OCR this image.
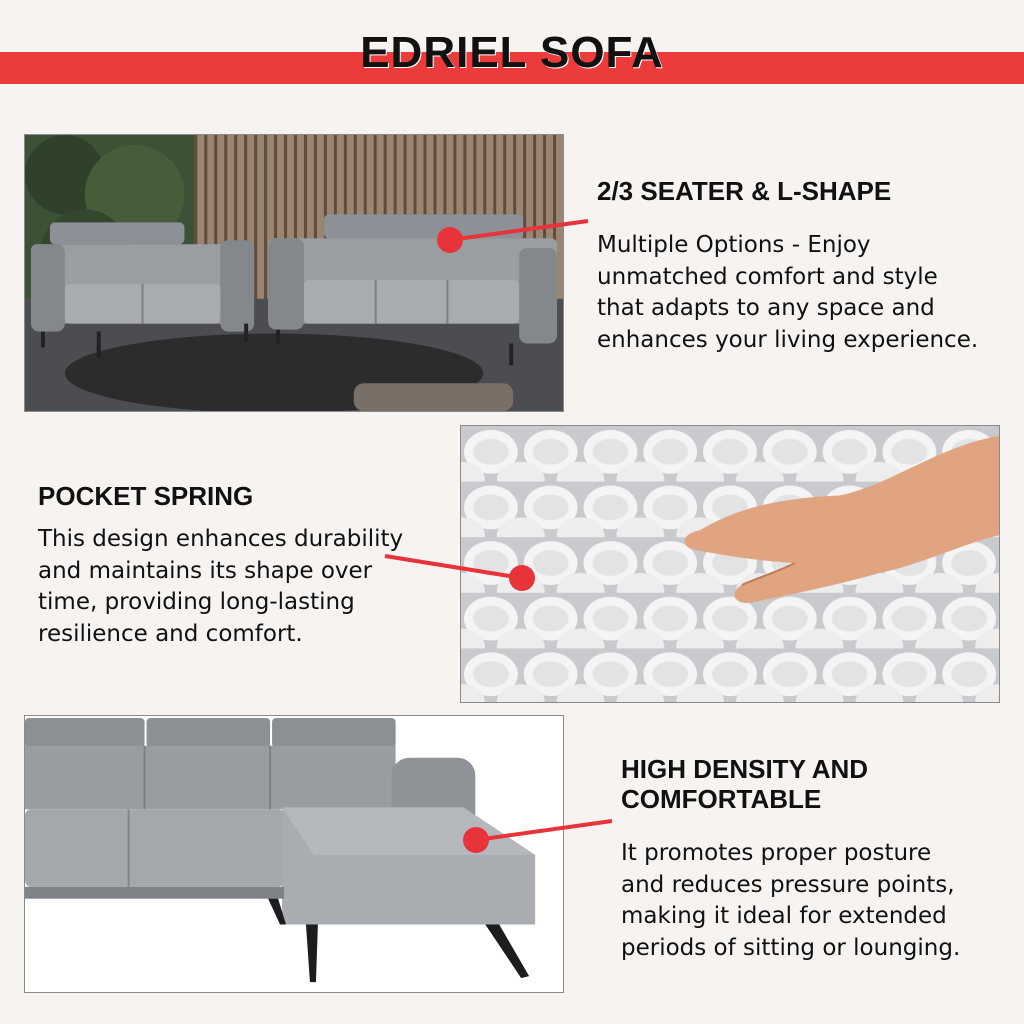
EDRIEL SOFA
2/3 SEATER & L-SHAPE
Multiple Options - Enjoy
unmatched comfort and style
that adapts to any space and
enhances your living experience.
POCKET SPRING
This design enhances durability
and maintains its shape over
time, providing long-lasting
resilience and comfort.
HIGH DENSITY AND
COMFORTABLE
It promotes proper posture
and reduces pressure points,
making it ideal for extended
periods of sitting or lounging.
